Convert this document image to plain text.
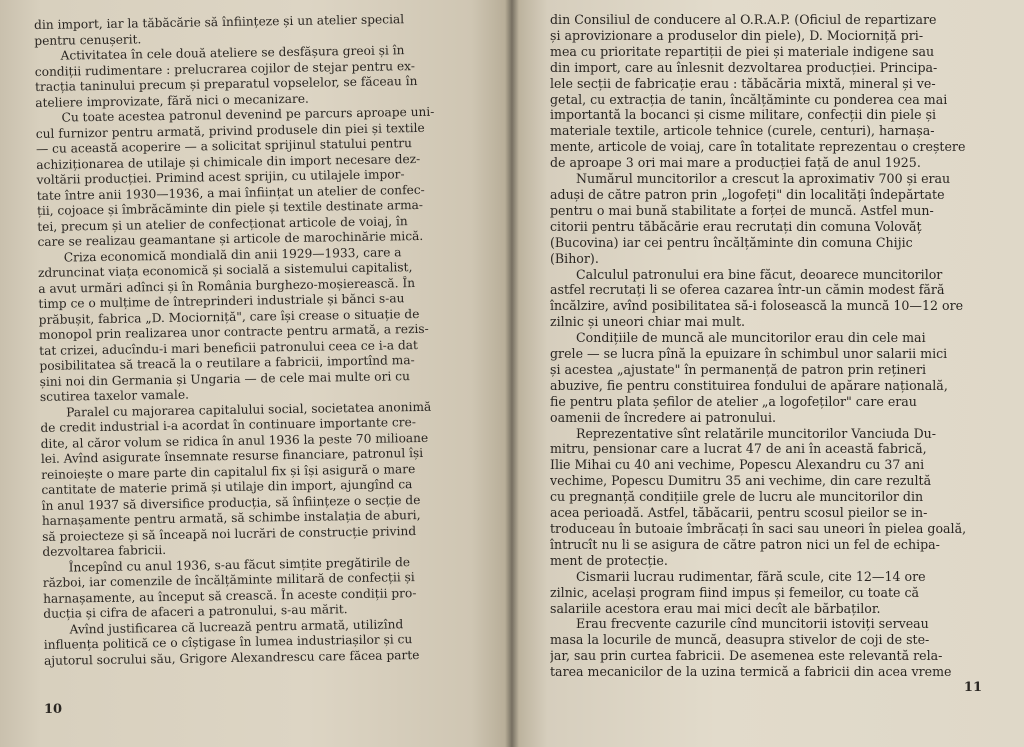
din import, iar la tăbăcărie să înființeze și un atelier special
pentru cenușerit.
Activitatea în cele două ateliere se desfășura greoi și în
condiții rudimentare : prelucrarea cojilor de stejar pentru ex-
tracția taninului precum și preparatul vopselelor, se făceau în
ateliere improvizate, fără nici o mecanizare.
Cu toate acestea patronul devenind pe parcurs aproape uni-
cul furnizor pentru armată, privind produsele din piei și textile
— cu această acoperire — a solicitat sprijinul statului pentru
achiziționarea de utilaje și chimicale din import necesare dez-
voltării producției. Primind acest sprijin, cu utilajele impor-
tate între anii 1930—1936, a mai înființat un atelier de confec-
ții, cojoace și îmbrăcăminte din piele și textile destinate arma-
tei, precum și un atelier de confecționat articole de voiaj, în
care se realizau geamantane și articole de marochinărie mică.
Criza economică mondială din anii 1929—1933, care a
zdruncinat viața economică și socială a sistemului capitalist,
a avut urmări adînci și în România burghezo-moșierească. În
timp ce o mulțime de întreprinderi industriale și bănci s-au
prăbușit, fabrica „D. Mociorniță", care își crease o situație de
monopol prin realizarea unor contracte pentru armată, a rezis-
tat crizei, aducîndu-i mari beneficii patronului ceea ce i-a dat
posibilitatea să treacă la o reutilare a fabricii, importînd ma-
șini noi din Germania și Ungaria — de cele mai multe ori cu
scutirea taxelor vamale.
Paralel cu majorarea capitalului social, societatea anonimă
de credit industrial i-a acordat în continuare importante cre-
dite, al căror volum se ridica în anul 1936 la peste 70 milioane
lei. Avînd asigurate însemnate resurse financiare, patronul își
reinoiește o mare parte din capitalul fix și își asigură o mare
cantitate de materie primă și utilaje din import, ajungînd ca
în anul 1937 să diversifice producția, să înființeze o secție de
harnașamente pentru armată, să schimbe instalația de aburi,
să proiecteze și să înceapă noi lucrări de construcție privind
dezvoltarea fabricii.
Începînd cu anul 1936, s-au făcut simțite pregătirile de
război, iar comenzile de încălțăminte militară de confecții și
harnașamente, au început să crească. În aceste condiții pro-
ducția și cifra de afaceri a patronului, s-au mărit.
Avînd justificarea că lucrează pentru armată, utilizînd
influența politică ce o cîștigase în lumea industriașilor și cu
ajutorul socrului său, Grigore Alexandrescu care făcea parte
10
din Consiliul de conducere al O.R.A.P. (Oficiul de repartizare
și aprovizionare a produselor din piele), D. Mociorniță pri-
mea cu prioritate repartiții de piei și materiale indigene sau
din import, care au înlesnit dezvoltarea producției. Principa-
lele secții de fabricație erau : tăbăcăria mixtă, mineral și ve-
getal, cu extracția de tanin, încălțăminte cu ponderea cea mai
importantă la bocanci și cisme militare, confecții din piele și
materiale textile, articole tehnice (curele, centuri), harnașa-
mente, articole de voiaj, care în totalitate reprezentau o creștere
de aproape 3 ori mai mare a producției față de anul 1925.
Numărul muncitorilor a crescut la aproximativ 700 și erau
aduși de către patron prin „logofeți" din localități îndepărtate
pentru o mai bună stabilitate a forței de muncă. Astfel mun-
citorii pentru tăbăcărie erau recrutați din comuna Volovăț
(Bucovina) iar cei pentru încălțăminte din comuna Chijic
(Bihor).
Calculul patronului era bine făcut, deoarece muncitorilor
astfel recrutați li se oferea cazarea într-un cămin modest fără
încălzire, avînd posibilitatea să-i folosească la muncă 10—12 ore
zilnic și uneori chiar mai mult.
Condițiile de muncă ale muncitorilor erau din cele mai
grele — se lucra pînă la epuizare în schimbul unor salarii mici
și acestea „ajustate" în permanență de patron prin rețineri
abuzive, fie pentru constituirea fondului de apărare națională,
fie pentru plata șefilor de atelier „a logofeților" care erau
oamenii de încredere ai patronului.
Reprezentative sînt relatările muncitorilor Vanciuda Du-
mitru, pensionar care a lucrat 47 de ani în această fabrică,
Ilie Mihai cu 40 ani vechime, Popescu Alexandru cu 37 ani
vechime, Popescu Dumitru 35 ani vechime, din care rezultă
cu pregnanță condițiile grele de lucru ale muncitorilor din
acea perioadă. Astfel, tăbăcarii, pentru scosul pieilor se in-
troduceau în butoaie îmbrăcați în saci sau uneori în pielea goală,
întrucît nu li se asigura de către patron nici un fel de echipa-
ment de protecție.
Cismarii lucrau rudimentar, fără scule, cite 12—14 ore
zilnic, același program fiind impus și femeilor, cu toate că
salariile acestora erau mai mici decît ale bărbaților.
Erau frecvente cazurile cînd muncitorii istoviți serveau
masa la locurile de muncă, deasupra stivelor de coji de ste-
jar, sau prin curtea fabricii. De asemenea este relevantă rela-
tarea mecanicilor de la uzina termică a fabricii din acea vreme
11
